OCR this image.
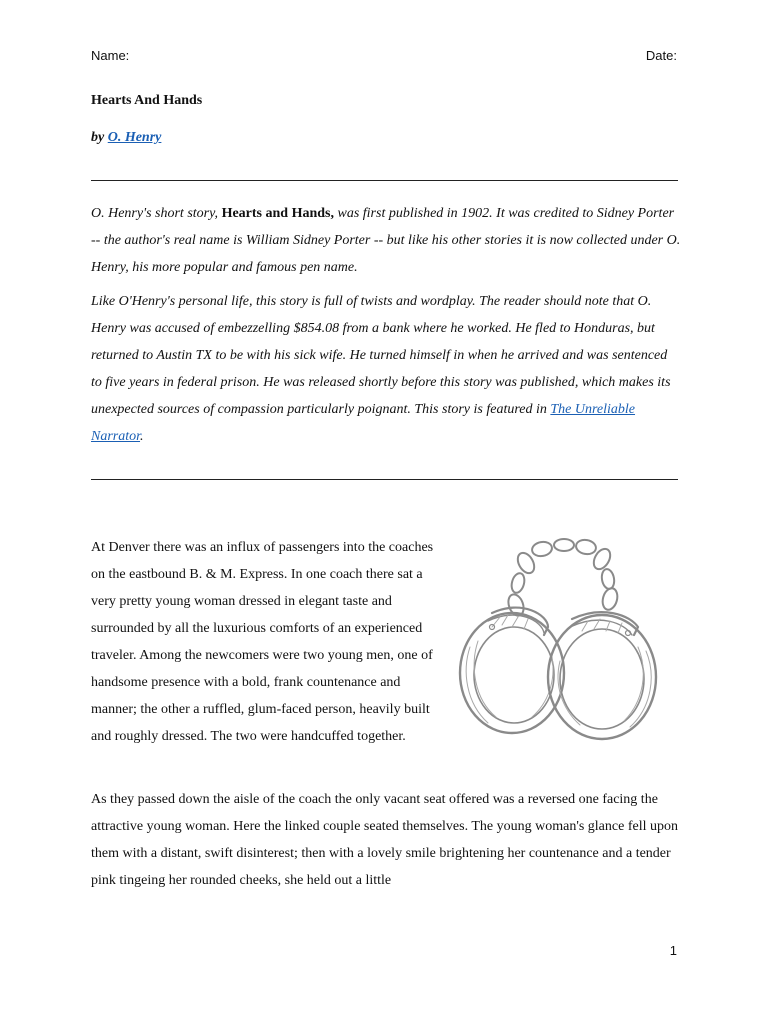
Name:	Date:
Hearts And Hands
by O. Henry

O. Henry's short story, Hearts and Hands, was first published in 1902. It was credited to Sidney Porter -- the author's real name is William Sidney Porter -- but like his other stories it is now collected under O. Henry, his more popular and famous pen name.

Like O'Henry's personal life, this story is full of twists and wordplay. The reader should note that O. Henry was accused of embezzelling $854.08 from a bank where he worked. He fled to Honduras, but returned to Austin TX to be with his sick wife. He turned himself in when he arrived and was sentenced to five years in federal prison. He was released shortly before this story was published, which makes its unexpected sources of compassion particularly poignant. This story is featured in The Unreliable Narrator.

At Denver there was an influx of passengers into the coaches on the eastbound B. & M. Express. In one coach there sat a very pretty young woman dressed in elegant taste and surrounded by all the luxurious comforts of an experienced traveler. Among the newcomers were two young men, one of handsome presence with a bold, frank countenance and manner; the other a ruffled, glum-faced person, heavily built and roughly dressed. The two were handcuffed together.

As they passed down the aisle of the coach the only vacant seat offered was a reversed one facing the attractive young woman. Here the linked couple seated themselves. The young woman's glance fell upon them with a distant, swift disinterest; then with a lovely smile brightening her countenance and a tender pink tingeing her rounded cheeks, she held out a little

1
